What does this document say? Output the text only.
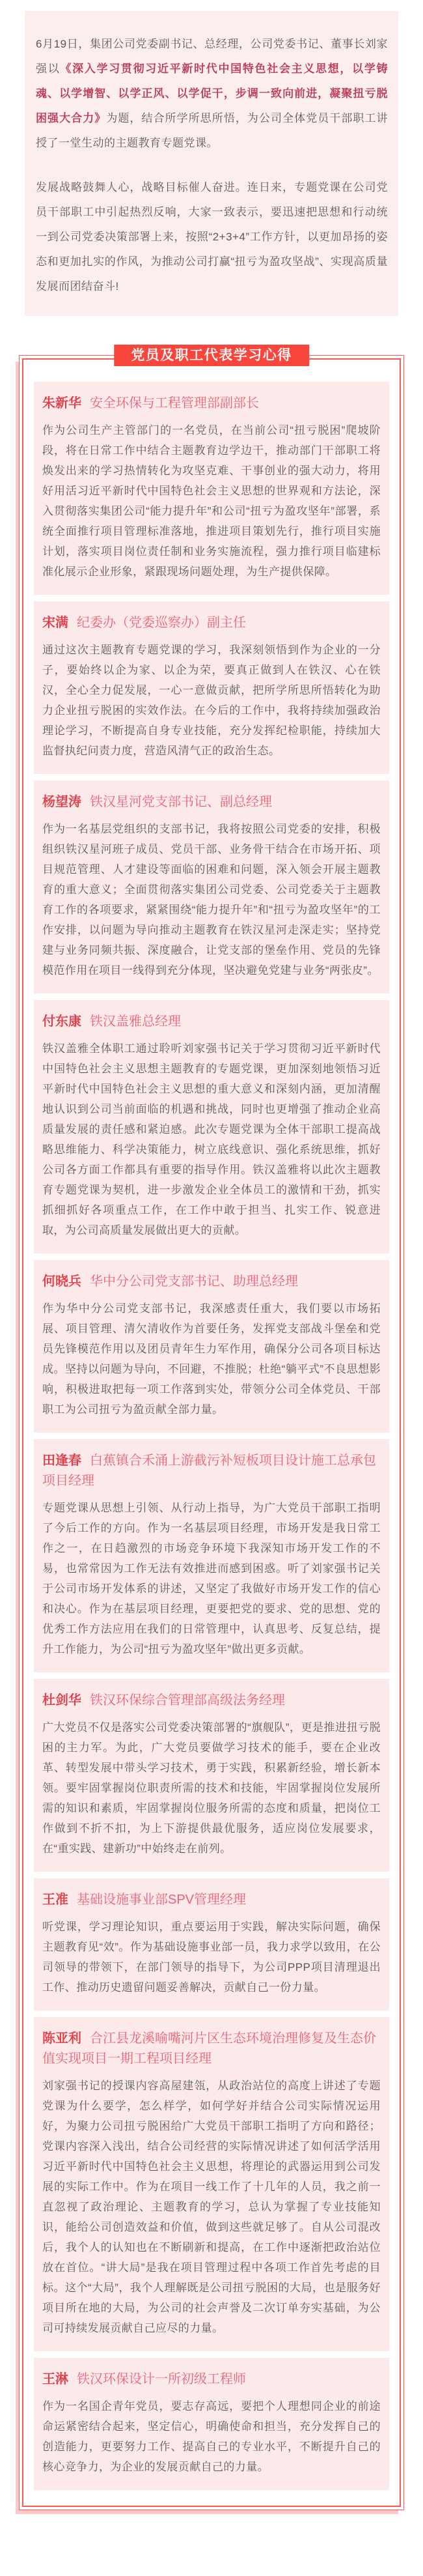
6月19日，集团公司党委副书记、总经理，公司党委书记、董事长刘家强以《深入学习贯彻习近平新时代中国特色社会主义思想，以学铸魂、以学增智、以学正风、以学促干，步调一致向前进，凝聚扭亏脱困强大合力》为题，结合所学所思所悟，为公司全体党员干部职工讲授了一堂生动的主题教育专题党课。

发展战略鼓舞人心，战略目标催人奋进。连日来，专题党课在公司党员干部职工中引起热烈反响，大家一致表示，要迅速把思想和行动统一到公司党委决策部署上来，按照“2+3+4”工作方针，以更加昂扬的姿态和更加扎实的作风，为推动公司打赢“扭亏为盈攻坚战”、实现高质量发展而团结奋斗!

党员及职工代表学习心得
朱新华 安全环保与工程管理部副部长

作为公司生产主管部门的一名党员，在当前公司“扭亏脱困”爬坡阶段，将在日常工作中结合主题教育边学边干，推动部门干部职工将焕发出来的学习热情转化为攻坚克难、干事创业的强大动力，将用好用活习近平新时代中国特色社会主义思想的世界观和方法论，深入贯彻落实集团公司“能力提升年”和公司“扭亏为盈攻坚年”部署，系统全面推行项目管理标准落地，推进项目策划先行，推行项目实施计划，落实项目岗位责任制和业务实施流程，强力推行项目临建标准化展示企业形象，紧跟现场问题处理，为生产提供保障。

宋满 纪委办（党委巡察办）副主任

通过这次主题教育专题党课的学习，我深刻领悟到作为企业的一分子，要始终以企为家、以企为荣，要真正做到人在铁汉、心在铁汉，全心全力促发展，一心一意做贡献，把所学所思所悟转化为助力企业扭亏脱困的实效作法。在今后的工作中，我将持续加强政治理论学习，不断提高自身专业技能，充分发挥纪检职能，持续加大监督执纪问责力度，营造风清气正的政治生态。

杨望涛 铁汉星河党支部书记、副总经理

作为一名基层党组织的支部书记，我将按照公司党委的安排，积极组织铁汉星河班子成员、党员干部、业务骨干结合在市场开拓、项目规范管理、人才建设等面临的困难和问题，深入领会开展主题教育的重大意义；全面贯彻落实集团公司党委、公司党委关于主题教育工作的各项要求，紧紧围绕“能力提升年”和“扭亏为盈攻坚年”的工作安排，以问题为导向推动主题教育在铁汉星河走深走实；坚持党建与业务同频共振、深度融合，让党支部的堡垒作用、党员的先锋模范作用在项目一线得到充分体现，坚决避免党建与业务“两张皮”。

付东康 铁汉盖雅总经理

铁汉盖雅全体职工通过聆听刘家强书记关于学习贯彻习近平新时代中国特色社会主义思想主题教育的专题党课，更加深刻地领悟习近平新时代中国特色社会主义思想的重大意义和深刻内涵，更加清醒地认识到公司当前面临的机遇和挑战，同时也更增强了推动企业高质量发展的责任感和紧迫感。此次专题党课为全体干部职工提高战略思维能力、科学决策能力，树立底线意识、强化系统思维，抓好公司各方面工作都具有重要的指导作用。铁汉盖雅将以此次主题教育专题党课为契机，进一步激发企业全体员工的激情和干劲，抓实抓细抓好各项重点工作，在工作中敢于担当、扎实工作、锐意进取，为公司高质量发展做出更大的贡献。

何晓兵 华中分公司党支部书记、助理总经理

作为华中分公司党支部书记，我深感责任重大，我们要以市场拓展、项目管理、清欠清收作为首要任务，发挥党支部战斗堡垒和党员先锋模范作用以及团员青年生力军作用，确保分公司各项目标达成。坚持以问题为导向，不回避，不推脱；杜绝“躺平式”不良思想影响，积极进取把每一项工作落到实处，带领分公司全体党员、干部职工为公司扭亏为盈贡献全部力量。

田逢春 白蕉镇合禾涌上游截污补短板项目设计施工总承包项目经理

专题党课从思想上引领、从行动上指导，为广大党员干部职工指明了今后工作的方向。作为一名基层项目经理，市场开发是我日常工作之一，在日趋激烈的市场竞争环境下我深知市场开发工作的不易，也常常因为工作无法有效推进而感到困惑。听了刘家强书记关于公司市场开发体系的讲述，又坚定了我做好市场开发工作的信心和决心。作为在基层项目经理，更要把党的要求、党的思想、党的优秀工作方法应用在我们的日常管理中，认真思考、反复总结，提升工作能力，为公司“扭亏为盈攻坚年”做出更多贡献。

杜剑华 铁汉环保综合管理部高级法务经理

广大党员不仅是落实公司党委决策部署的“旗舰队”，更是推进扭亏脱困的主力军。为此，广大党员要做学习技术的能手，要在企业改革、转型发展中带头学习技术，勇于实践，积累新经验，增长新本领。要牢固掌握岗位职责所需的技术和技能，牢固掌握岗位发展所需的知识和素质，牢固掌握岗位服务所需的态度和质量，把岗位工作做到不折不扣，为上下游提供最优服务，适应岗位发展要求，在“重实践、建新功”中始终走在前列。

王准 基础设施事业部SPV管理经理

听党课，学习理论知识，重点要运用于实践，解决实际问题，确保主题教育见“效”。作为基础设施事业部一员，我力求学以致用，在公司领导的带领下，在部门领导的指导下，为公司PPP项目清理退出工作、推动历史遗留问题妥善解决，贡献自己一份力量。

陈亚利 合江县龙溪喻嘴河片区生态环境治理修复及生态价值实现项目一期工程项目经理

刘家强书记的授课内容高屋建瓴，从政治站位的高度上讲述了专题党课为什么要学，怎么样学，如何学好并结合公司实际情况运用好，为聚力公司扭亏脱困给广大党员干部职工指明了方向和路径；党课内容深入浅出，结合公司经营的实际情况讲述了如何活学活用习近平新时代中国特色社会主义思想，将理论的武器运用到公司发展的实际工作中。作为在项目一线工作了十几年的人员，我之前一直忽视了政治理论、主题教育的学习，总认为掌握了专业技能知识，能给公司创造效益和价值，做到这些就足够了。自从公司混改后，我个人的认知也在不断刷新和提高，在工作中逐渐把政治站位放在首位。“讲大局”是我在项目管理过程中各项工作首先考虑的目标。这个“大局”，我个人理解既是公司扭亏脱困的大局，也是服务好项目所在地的大局，为公司的社会声誉及二次订单夯实基础，为公司可持续发展贡献自己应尽的力量。

王淋 铁汉环保设计一所初级工程师

作为一名国企青年党员，要志存高远，要把个人理想同企业的前途命运紧密结合起来，坚定信心，明确使命和担当，充分发挥自己的创造能力，更要努力工作、提高自己的专业水平，不断提升自己的核心竞争力，为企业的发展贡献自己的力量。
